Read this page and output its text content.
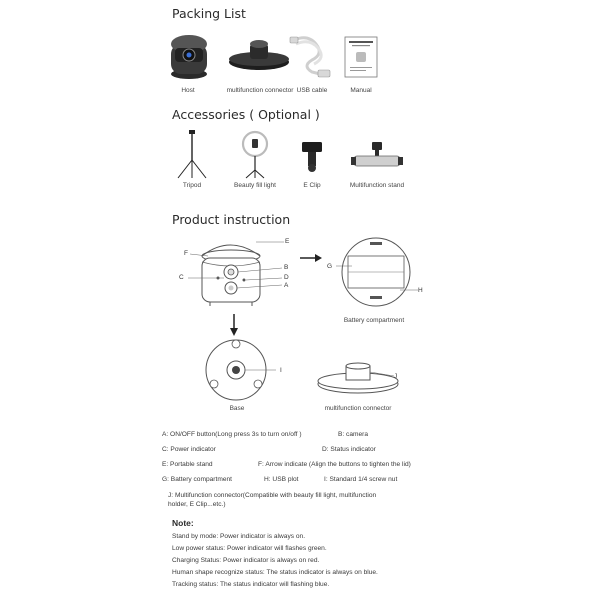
Packing List
Host	multifunction connector USB cable	Manual
Accessories ( Optional )
Tripod	Beauty fill light	E Clip	Multifunction stand
Product instruction
F
E
B
C	D
A
G
H
Battery compartment
I
Base
J
multifunction connector
A: ON/OFF button(Long press 3s to turn on/off )	B: camera
C: Power indicator	D: Status indicator
E: Portable stand	F: Arrow indicate (Align the buttons to tighten the lid)
G: Battery compartment	H: USB plot	I: Standard 1/4 screw nut
J: Multifunction connector(Compatible with beauty fill light, multifunction
holder, E Clip...etc.)
Note:
Stand by mode: Power indicator is always on.
Low power status: Power indicator will flashes green.
Charging Status: Power indicator is always on red.
Human shape recognize status: The status indicator is always on blue.
Tracking status: The status indicator will flashing blue.
